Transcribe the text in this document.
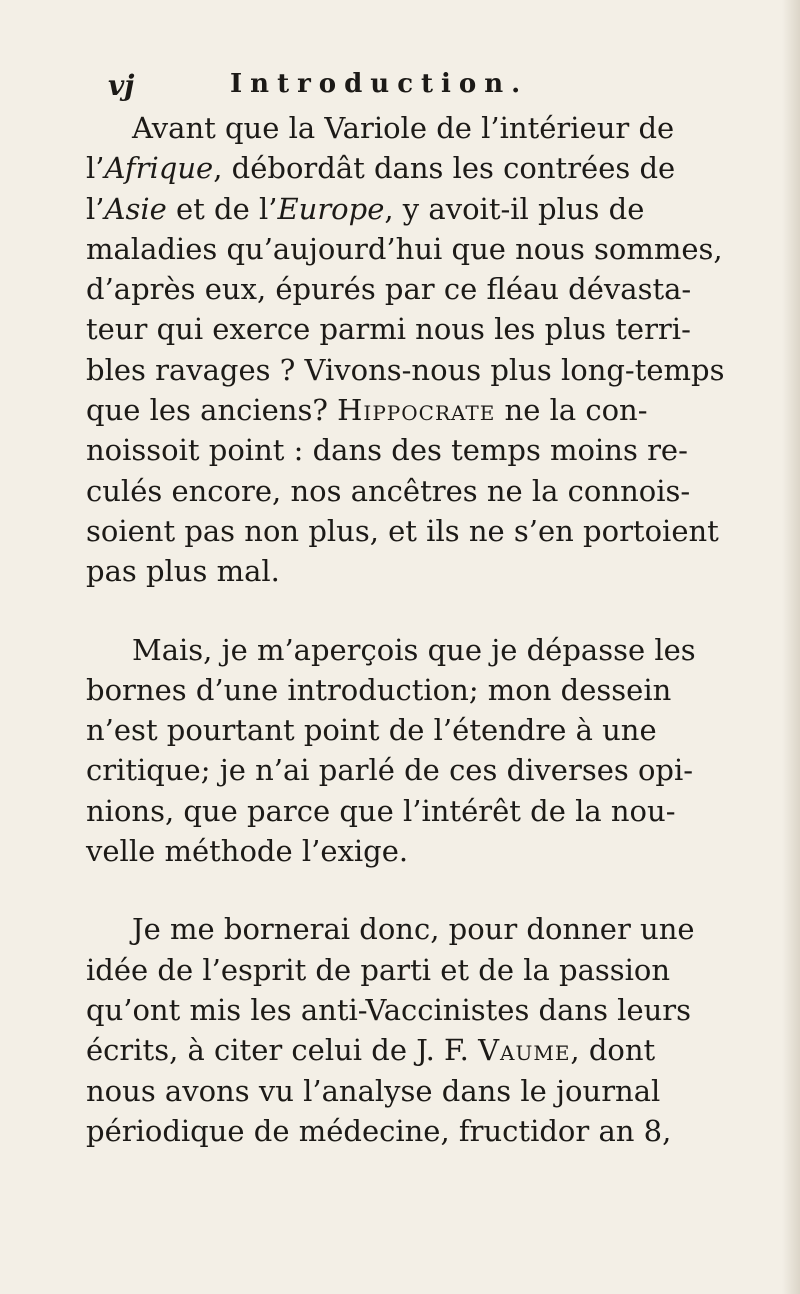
vj	Introduction.

Avant que la Variole de l’intérieur de
l’Afrique, débordât dans les contrées de
l’Asie et de l’Europe, y avoit-il plus de
maladies qu’aujourd’hui que nous sommes,
d’après eux, épurés par ce fléau dévasta-
teur qui exerce parmi nous les plus terri-
bles ravages ? Vivons-nous plus long-temps
que les anciens? Hippocrate ne la con-
noissoit point : dans des temps moins re-
culés encore, nos ancêtres ne la connois-
soient pas non plus, et ils ne s’en portoient
pas plus mal.

Mais, je m’aperçois que je dépasse les
bornes d’une introduction; mon dessein
n’est pourtant point de l’étendre à une
critique; je n’ai parlé de ces diverses opi-
nions, que parce que l’intérêt de la nou-
velle méthode l’exige.

Je me bornerai donc, pour donner une
idée de l’esprit de parti et de la passion
qu’ont mis les anti-Vaccinistes dans leurs
écrits, à citer celui de J. F. Vaume, dont
nous avons vu l’analyse dans le journal
périodique de médecine, fructidor an 8,
